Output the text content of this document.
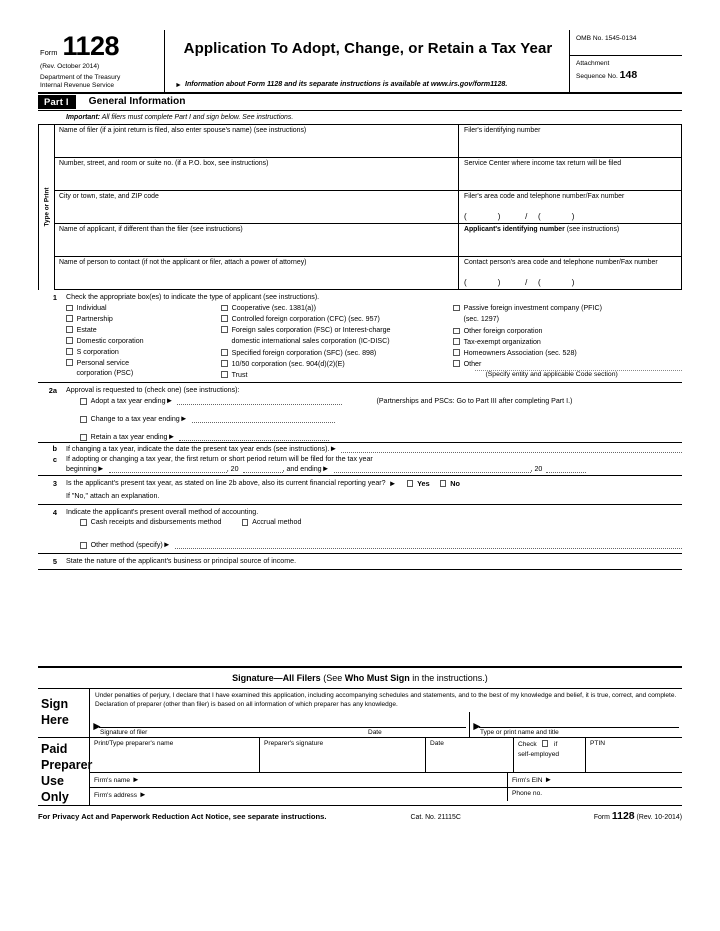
Form 1128
(Rev. October 2014)
Department of the Treasury
Internal Revenue Service
Application To Adopt, Change, or Retain a Tax Year
► Information about Form 1128 and its separate instructions is available at www.irs.gov/form1128.
OMB No. 1545-0134
Attachment
Sequence No. 148
Part I	General Information
Important: All filers must complete Part I and sign below. See instructions.
Type or Print
Name of filer (if a joint return is filed, also enter spouse's name) (see instructions)	Filer's identifying number
Number, street, and room or suite no. (if a P.O. box, see instructions)	Service Center where income tax return will be filed
City or town, state, and ZIP code	Filer's area code and telephone number/Fax number
(	)	/ (	)
Name of applicant, if different than the filer (see instructions)	Applicant's identifying number (see instructions)
Name of person to contact (if not the applicant or filer, attach a power of attorney)	Contact person's area code and telephone number/Fax number
(	)	/ (	)
1	Check the appropriate box(es) to indicate the type of applicant (see instructions).
Individual
Partnership
Estate
Domestic corporation
S corporation
Personal service
corporation (PSC)
Cooperative (sec. 1381(a))
Controlled foreign corporation (CFC) (sec. 957)
Foreign sales corporation (FSC) or Interest-charge
domestic international sales corporation (IC-DISC)
Specified foreign corporation (SFC) (sec. 898)
10/50 corporation (sec. 904(d)(2)(E)
Trust
Passive foreign investment company (PFIC)
(sec. 1297)
Other foreign corporation
Tax-exempt organization
Homeowners Association (sec. 528)
Other
(Specify entity and applicable Code section)
2a	Approval is requested to (check one) (see instructions):
Adopt a tax year ending ►	(Partnerships and PSCs: Go to Part III after completing Part I.)
Change to a tax year ending ►
Retain a tax year ending ►
b	If changing a tax year, indicate the date the present tax year ends (see instructions). ►
c	If adopting or changing a tax year, the first return or short period return will be filed for the tax year
beginning ►	, 20	, and ending ►	, 20
3	Is the applicant's present tax year, as stated on line 2b above, also its current financial reporting year? ►	Yes	No
If "No," attach an explanation.
4	Indicate the applicant's present overall method of accounting.
Cash receipts and disbursements method	Accrual method
Other method (specify) ►
5	State the nature of the applicant's business or principal source of income.
Signature—All Filers (See Who Must Sign in the instructions.)
Sign
Here
Under penalties of perjury, I declare that I have examined this application, including accompanying schedules and statements, and to the best of my knowledge and belief, it is true, correct, and complete. Declaration of preparer (other than filer) is based on all information of which preparer has any knowledge.
►
Signature of filer	Date	►
Type or print name and title
Paid
Preparer
Use Only
Print/Type preparer's name	Preparer's signature	Date	Check	if
self-employed
PTIN
Firm's name ►	Firm's EIN ►
Firm's address ►	Phone no.
For Privacy Act and Paperwork Reduction Act Notice, see separate instructions.	Cat. No. 21115C	Form 1128 (Rev. 10-2014)
